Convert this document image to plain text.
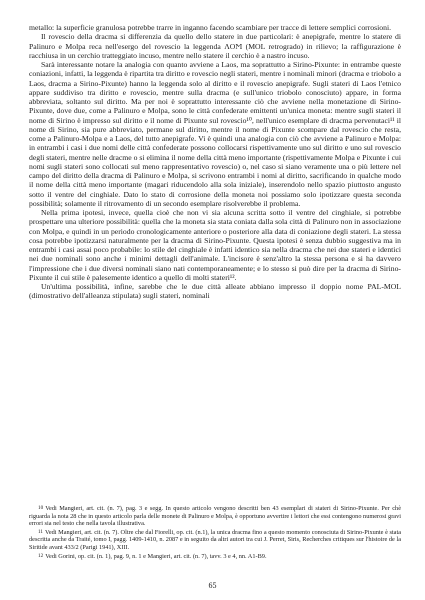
metallo: la superficie granulosa potrebbe trarre in inganno facendo scambiare per tracce di lettere semplici corrosioni.

Il rovescio della dracma si differenzia da quello dello statere in due particolari: è anepigrafe, mentre lo statere di Palinuro e Molpa reca nell'esergo del rovescio la leggenda ΛOϺ (MOL retrogrado) in rilievo; la raffigurazione è racchiusa in un cerchio tratteggiato incuso, mentre nello statere il cerchio è a nastro incuso.

Sarà interessante notare la analogia con quanto avviene a Laos, ma soprattutto a Sirino-Pixunte: in entrambe queste coniazioni, infatti, la leggenda è ripartita tra diritto e rovescio negli stateri, mentre i nominali minori (dracma e triobolo a Laos, dracma a Sirino-Pixunte) hanno la leggenda solo al diritto e il rovescio anepigrafe. Sugli stateri di Laos l'etnico appare suddiviso tra diritto e rovescio, mentre sulla dracma (e sull'unico triobolo conosciuto) appare, in forma abbreviata, soltanto sul diritto. Ma per noi è soprattutto interessante ciò che avviene nella monetazione di Sirino-Pixunte, dove due, come a Palinuro e Molpa, sono le città confederate emittenti un'unica moneta: mentre sugli stateri il nome di Sirino è impresso sul diritto e il nome di Pixunte sul rovescio¹⁰, nell'unico esemplare di dracma pervenutaci¹¹ il nome di Sirino, sia pure abbreviato, permane sul diritto, mentre il nome di Pixunte scompare dal rovescio che resta, come a Palinuro-Molpa e a Laos, del tutto anepigrafe. Vi è quindi una analogia con ciò che avviene a Palinuro e Molpa: in entrambi i casi i due nomi delle città confederate possono collocarsi rispettivamente uno sul diritto e uno sul rovescio degli stateri, mentre nelle dracme o si elimina il nome della città meno importante (rispettivamente Molpa e Pixunte i cui nomi sugli stateri sono collocati sul meno rappresentativo rovescio) o, nel caso si siano veramente una o più lettere nel campo del diritto della dracma di Palinuro e Molpa, si scrivono entrambi i nomi al diritto, sacrificando in qualche modo il nome della città meno importante (magari riducendolo alla sola iniziale), inserendolo nello spazio piuttosto angusto sotto il ventre del cinghiale. Dato lo stato di corrosione della moneta noi possiamo solo ipotizzare questa seconda possibilità; solamente il ritrovamento di un secondo esemplare risolverebbe il problema.

Nella prima ipotesi, invece, quella cioè che non vi sia alcuna scritta sotto il ventre del cinghiale, si potrebbe prospettare una ulteriore possibilità: quella che la moneta sia stata coniata dalla sola città di Palinuro non in associazione con Molpa, e quindi in un periodo cronologicamente anteriore o posteriore alla data di coniazione degli stateri. La stessa cosa potrebbe ipotizzarsi naturalmente per la dracma di Sirino-Pixunte. Questa ipotesi è senza dubbio suggestiva ma in entrambi i casi assai poco probabile: lo stile del cinghiale è infatti identico sia nella dracma che nei due stateri e identici nei due nominali sono anche i minimi dettagli dell'animale. L'incisore è senz'altro la stessa persona e si ha davvero l'impressione che i due diversi nominali siano nati contemporaneamente; e lo stesso si può dire per la dracma di Sirino-Pixunte il cui stile è palesemente identico a quello di molti stateri¹².

Un'ultima possibilità, infine, sarebbe che le due città alleate abbiano impresso il doppio nome PAL-MOL (dimostrativo dell'alleanza stipulata) sugli stateri, nominali

10 Vedi Mangieri, art. cit. (n. 7), pag. 3 e segg. In questo articolo vengono descritti ben 43 esemplari di stateri di Sirino-Pixunte. Per chè riguarda la nota 28 che in questo articolo parla delle monete di Palinuro e Molpa, è opportuno avvertire i lettori che essi contengono numerosi gravi errori sia nel testo che nella tavola illustrativa.

11 Vedi Mangieri, art. cit. (n. 7). Oltre che dal Fiorelli, op. cit. (n.1), la unica dracma fino a questo momento conosciuta di Sirino-Pixunte è stata descritta anche da Traité, tomo I, pagg. 1409-1410, n. 2087 e in seguito da altri autori tra cui J. Perret, Siris, Recherches critiques sur l'histoire de la Siritide avant 433/2 (Parigi 1941), XIII.

12 Vedi Gorini, op. cit. (n. 1), pag. 9, n. 1 e Mangieri, art. cit. (n. 7), tavv. 3 e 4, nn. A1-B9.

65
